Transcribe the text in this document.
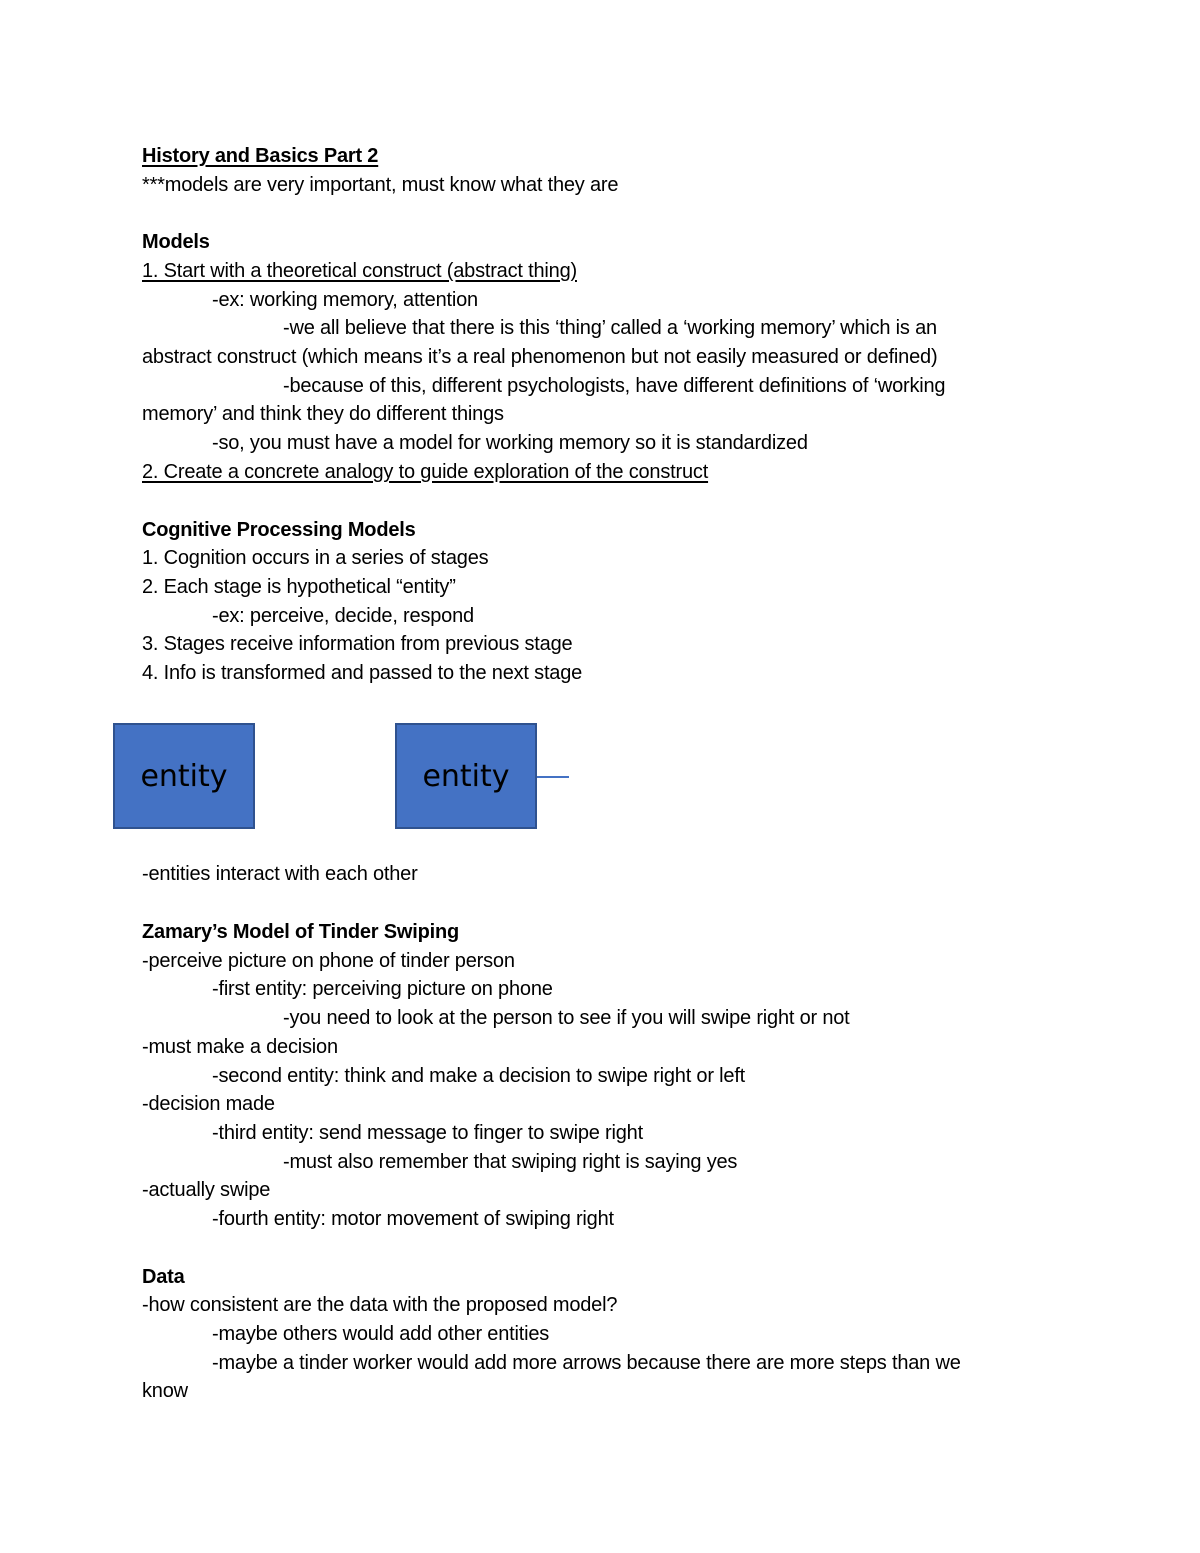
History and Basics Part 2
***models are very important, must know what they are
Models
1. Start with a theoretical construct (abstract thing)
-ex: working memory, attention
-we all believe that there is this ‘thing’ called a ‘working memory’ which is an
abstract construct (which means it’s a real phenomenon but not easily measured or defined)
-because of this, different psychologists, have different definitions of ‘working
memory’ and think they do different things
-so, you must have a model for working memory so it is standardized
2. Create a concrete analogy to guide exploration of the construct
Cognitive Processing Models
1. Cognition occurs in a series of stages
2. Each stage is hypothetical “entity”
-ex: perceive, decide, respond
3. Stages receive information from previous stage
4. Info is transformed and passed to the next stage
entity	entity
-entities interact with each other
Zamary’s Model of Tinder Swiping
-perceive picture on phone of tinder person
-first entity: perceiving picture on phone
-you need to look at the person to see if you will swipe right or not
-must make a decision
-second entity: think and make a decision to swipe right or left
-decision made
-third entity: send message to finger to swipe right
-must also remember that swiping right is saying yes
-actually swipe
-fourth entity: motor movement of swiping right
Data
-how consistent are the data with the proposed model?
-maybe others would add other entities
-maybe a tinder worker would add more arrows because there are more steps than we
know
